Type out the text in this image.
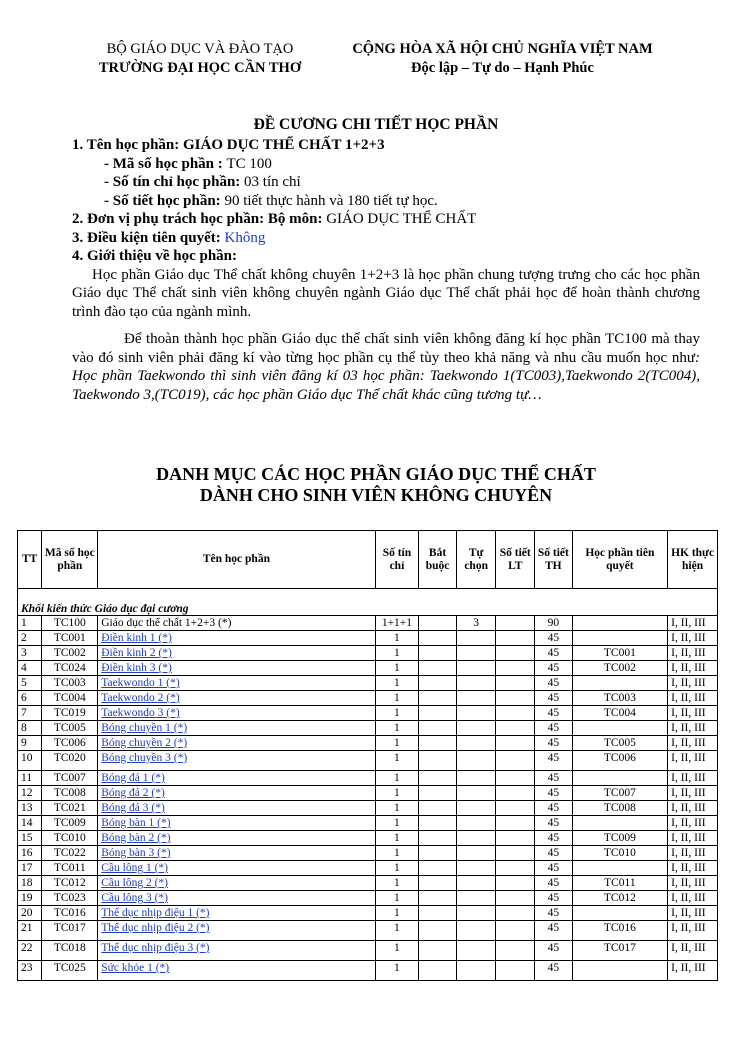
BỘ GIÁO DỤC VÀ ĐÀO TẠO
TRƯỜNG ĐẠI HỌC CẦN THƠ
CỘNG HÒA XÃ HỘI CHỦ NGHĨA VIỆT NAM
Độc lập – Tự do – Hạnh Phúc
ĐỀ CƯƠNG CHI TIẾT HỌC PHẦN
1. Tên học phần: GIÁO DỤC THỂ CHẤT 1+2+3
- Mã số học phần : TC 100
- Số tín chỉ học phần: 03 tín chỉ
- Số tiết học phần: 90 tiết thực hành và 180 tiết tự học.
2. Đơn vị phụ trách học phần: Bộ môn: GIÁO DỤC THỂ CHẤT
3. Điều kiện tiên quyết: Không
4. Giới thiệu về học phần:

Học phần Giáo dục Thể chất không chuyên 1+2+3 là học phần chung tượng trưng cho các học phần Giáo dục Thể chất sinh viên không chuyên ngành Giáo dục Thể chất phải học để hoàn thành chương trình đào tạo của ngành mình.

Để thoàn thành học phần Giáo dục thể chất sinh viên không đăng kí học phần TC100 mà thay vào đó sinh viên phải đăng kí vào từng học phần cụ thể tùy theo khả năng và nhu cầu muốn học như: Học phần Taekwondo thì sinh viên đăng kí 03 học phần: Taekwondo 1(TC003),Taekwondo 2(TC004), Taekwondo 3,(TC019), các học phần Giáo dục Thể chất khác cũng tương tự…

DANH MỤC CÁC HỌC PHẦN GIÁO DỤC THỂ CHẤT
DÀNH CHO SINH VIÊN KHÔNG CHUYÊN
TT	Mã số học phần	Tên học phần	Số tín chỉ	Bắt buộc	Tự chọn	Số tiết LT	Số tiết TH	Học phần tiên quyết	HK thực hiện
Khối kiến thức Giáo dục đại cương									
1	TC100	Giáo dục thể chất 1+2+3 (*)	1+1+1		3		90		I, II, III
2	TC001	Điền kinh 1 (*)	1				45		I, II, III
3	TC002	Điền kinh 2 (*)	1				45	TC001	I, II, III
4	TC024	Điền kinh 3 (*)	1				45	TC002	I, II, III
5	TC003	Taekwondo 1 (*)	1				45		I, II, III
6	TC004	Taekwondo 2 (*)	1				45	TC003	I, II, III
7	TC019	Taekwondo 3 (*)	1				45	TC004	I, II, III
8	TC005	Bóng chuyền 1 (*)	1				45		I, II, III
9	TC006	Bóng chuyền 2 (*)	1				45	TC005	I, II, III
10	TC020	Bóng chuyền 3 (*)	1				45	TC006	I, II, III
11	TC007	Bóng đá 1 (*)	1				45		I, II, III
12	TC008	Bóng đá 2 (*)	1				45	TC007	I, II, III
13	TC021	Bóng đá 3 (*)	1				45	TC008	I, II, III
14	TC009	Bóng bàn 1 (*)	1				45		I, II, III
15	TC010	Bóng bàn 2 (*)	1				45	TC009	I, II, III
16	TC022	Bóng bàn 3 (*)	1				45	TC010	I, II, III
17	TC011	Cầu lông 1 (*)	1				45		I, II, III
18	TC012	Cầu lông 2 (*)	1				45	TC011	I, II, III
19	TC023	Cầu lông 3 (*)	1				45	TC012	I, II, III
20	TC016	Thể dục nhịp điệu 1 (*)	1				45		I, II, III
21	TC017	Thể dục nhịp điệu 2 (*)	1				45	TC016	I, II, III
22	TC018	Thể dục nhịp điệu 3 (*)	1				45	TC017	I, II, III
23	TC025	Sức khỏe 1 (*)	1				45		I, II, III
